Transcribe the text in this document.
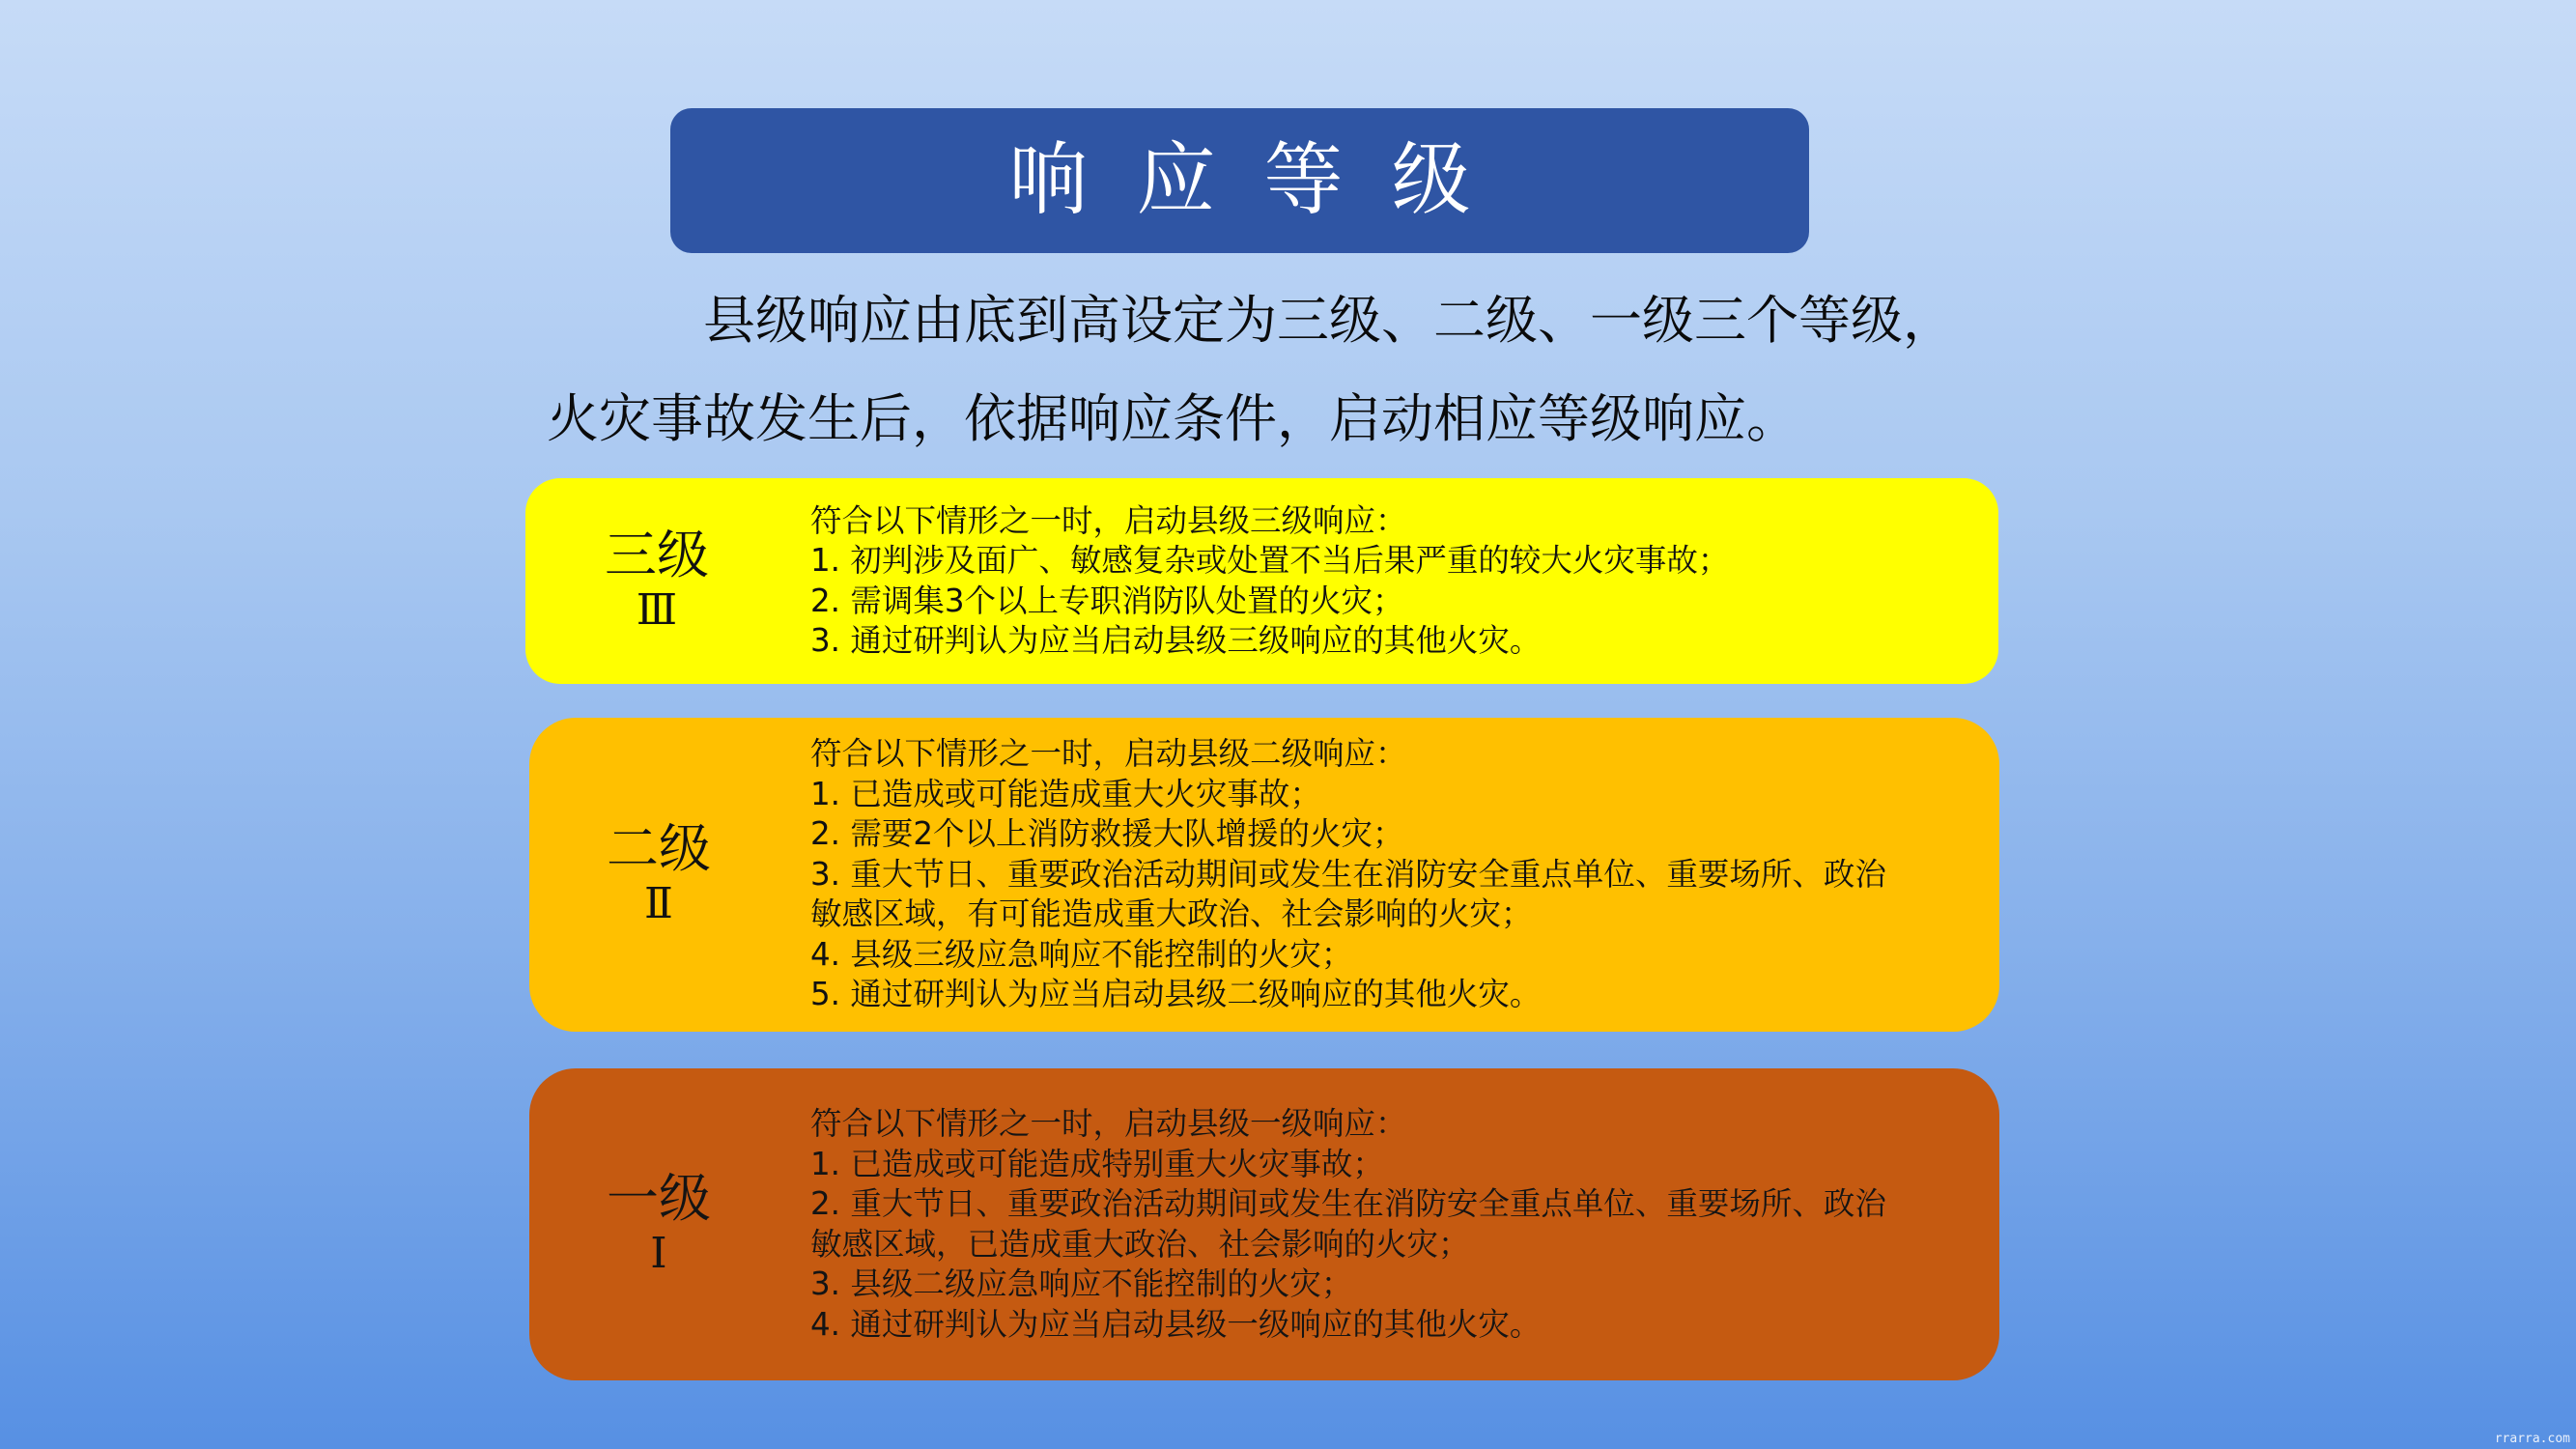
响 应 等 级
县级响应由底到高设定为三级、二级、一级三个等级，
火灾事故发生后，依据响应条件，启动相应等级响应。
三级
Ⅲ
符合以下情形之一时，启动县级三级响应：
1. 初判涉及面广、敏感复杂或处置不当后果严重的较大火灾事故；
2. 需调集3个以上专职消防队处置的火灾；
3. 通过研判认为应当启动县级三级响应的其他火灾。
二级
Ⅱ
符合以下情形之一时，启动县级二级响应：
1. 已造成或可能造成重大火灾事故；
2. 需要2个以上消防救援大队增援的火灾；
3. 重大节日、重要政治活动期间或发生在消防安全重点单位、重要场所、政治
敏感区域，有可能造成重大政治、社会影响的火灾；
4. 县级三级应急响应不能控制的火灾；
5. 通过研判认为应当启动县级二级响应的其他火灾。
一级
Ⅰ
符合以下情形之一时，启动县级一级响应：
1. 已造成或可能造成特别重大火灾事故；
2. 重大节日、重要政治活动期间或发生在消防安全重点单位、重要场所、政治
敏感区域，已造成重大政治、社会影响的火灾；
3. 县级二级应急响应不能控制的火灾；
4. 通过研判认为应当启动县级一级响应的其他火灾。
rrarra.com
